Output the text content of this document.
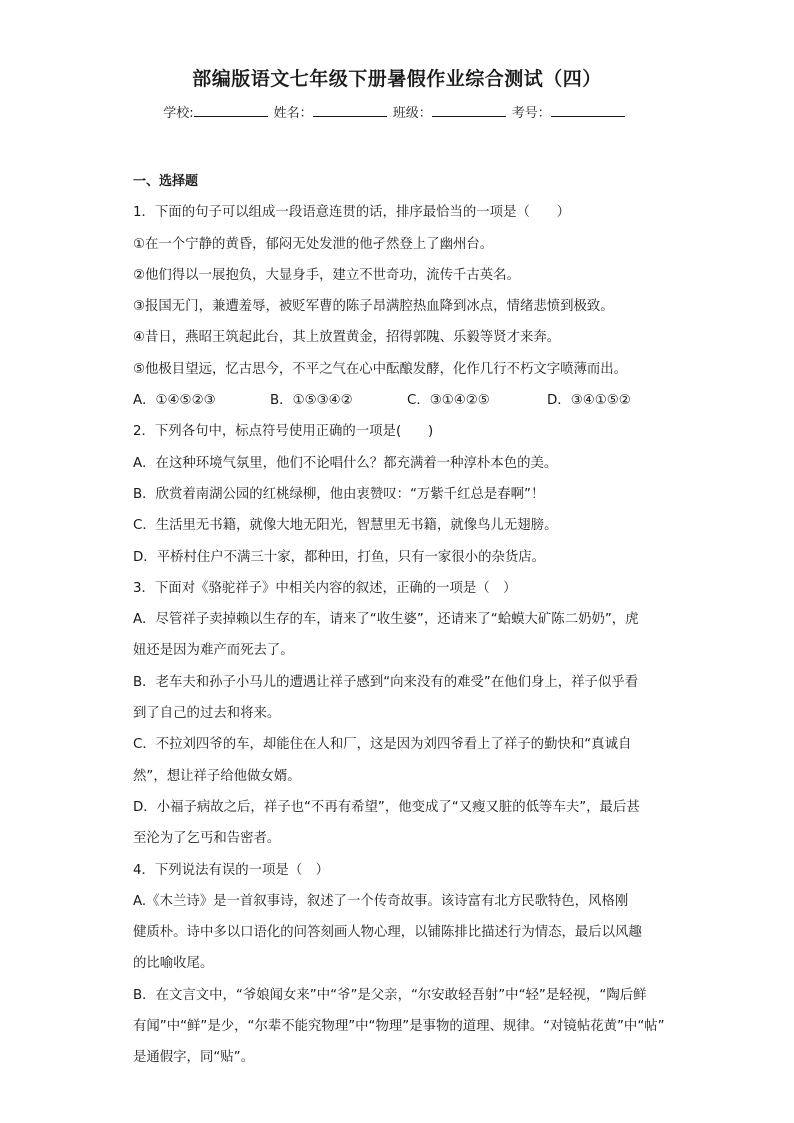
部编版语文七年级下册暑假作业综合测试（四）
学校:	姓名：	班级：	考号：
一、选择题
1．下面的句子可以组成一段语意连贯的话，排序最恰当的一项是（　　）
①在一个宁静的黄昏，郁闷无处发泄的他孑然登上了幽州台。
②他们得以一展抱负，大显身手，建立不世奇功，流传千古英名。
③报国无门，兼遭羞辱，被贬军曹的陈子昂满腔热血降到冰点，情绪悲愤到极致。
④昔日，燕昭王筑起此台，其上放置黄金，招得郭隗、乐毅等贤才来奔。
⑤他极目望远，忆古思今，不平之气在心中酝酿发酵，化作几行不朽文字喷薄而出。
A．①④⑤②③	B．①⑤③④②	C．③①④②⑤	D．③④①⑤②
2．下列各句中，标点符号使用正确的一项是(　　)
A．在这种环境气氛里，他们不论唱什么？都充满着一种淳朴本色的美。
B．欣赏着南湖公园的红桃绿柳，他由衷赞叹：“万紫千红总是春啊”！
C．生活里无书籍，就像大地无阳光，智慧里无书籍，就像鸟儿无翅膀。
D．平桥村住户不满三十家，都种田，打鱼，只有一家很小的杂货店。
3．下面对《骆驼祥子》中相关内容的叙述，正确的一项是（　）
A．尽管祥子卖掉赖以生存的车，请来了“收生婆”，还请来了“蛤蟆大矿陈二奶奶”，虎
妞还是因为难产而死去了。
B．老车夫和孙子小马儿的遭遇让祥子感到“向来没有的难受”在他们身上，祥子似乎看
到了自己的过去和将来。
C．不拉刘四爷的车，却能住在人和厂，这是因为刘四爷看上了祥子的勤快和“真诚自
然”，想让祥子给他做女婿。
D．小福子病故之后，祥子也“不再有希望”，他变成了“又瘦又脏的低等车夫”，最后甚
至沦为了乞丐和告密者。
4．下列说法有误的一项是（　）
A.《木兰诗》是一首叙事诗，叙述了一个传奇故事。该诗富有北方民歌特色，风格刚
健质朴。诗中多以口语化的问答刻画人物心理，以铺陈排比描述行为情态，最后以风趣
的比喻收尾。
B．在文言文中，“爷娘闻女来”中“爷”是父亲，“尔安敢轻吾射”中“轻”是轻视，“陶后鲜
有闻”中“鲜”是少，“尔辈不能究物理”中“物理”是事物的道理、规律。“对镜帖花黄”中“帖”
是通假字，同“贴”。
